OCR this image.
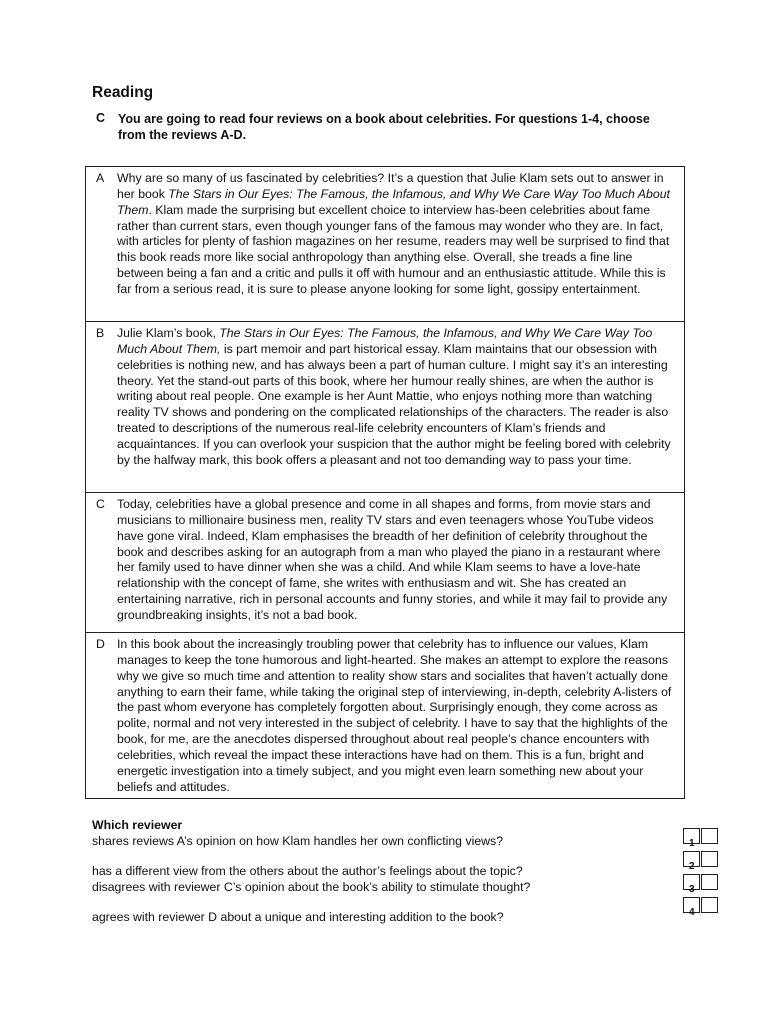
Reading
C You are going to read four reviews on a book about celebrities. For questions 1-4, choose from the reviews A-D.
A Why are so many of us fascinated by celebrities? It’s a question that Julie Klam sets out to answer in her book The Stars in Our Eyes: The Famous, the Infamous, and Why We Care Way Too Much About Them. Klam made the surprising but excellent choice to interview has-been celebrities about fame rather than current stars, even though younger fans of the famous may wonder who they are. In fact, with articles for plenty of fashion magazines on her resume, readers may well be surprised to find that this book reads more like social anthropology than anything else. Overall, she treads a fine line between being a fan and a critic and pulls it off with humour and an enthusiastic attitude. While this is far from a serious read, it is sure to please anyone looking for some light, gossipy entertainment.
B Julie Klam’s book, The Stars in Our Eyes: The Famous, the Infamous, and Why We Care Way Too Much About Them, is part memoir and part historical essay. Klam maintains that our obsession with celebrities is nothing new, and has always been a part of human culture. I might say it’s an interesting theory. Yet the stand-out parts of this book, where her humour really shines, are when the author is writing about real people. One example is her Aunt Mattie, who enjoys nothing more than watching reality TV shows and pondering on the complicated relationships of the characters. The reader is also treated to descriptions of the numerous real-life celebrity encounters of Klam’s friends and acquaintances. If you can overlook your suspicion that the author might be feeling bored with celebrity by the halfway mark, this book offers a pleasant and not too demanding way to pass your time.
C Today, celebrities have a global presence and come in all shapes and forms, from movie stars and musicians to millionaire business men, reality TV stars and even teenagers whose YouTube videos have gone viral. Indeed, Klam emphasises the breadth of her definition of celebrity throughout the book and describes asking for an autograph from a man who played the piano in a restaurant where her family used to have dinner when she was a child. And while Klam seems to have a love-hate relationship with the concept of fame, she writes with enthusiasm and wit. She has created an entertaining narrative, rich in personal accounts and funny stories, and while it may fail to provide any groundbreaking insights, it’s not a bad book.
D In this book about the increasingly troubling power that celebrity has to influence our values, Klam manages to keep the tone humorous and light-hearted. She makes an attempt to explore the reasons why we give so much time and attention to reality show stars and socialites that haven’t actually done anything to earn their fame, while taking the original step of interviewing, in-depth, celebrity A-listers of the past whom everyone has completely forgotten about. Surprisingly enough, they come across as polite, normal and not very interested in the subject of celebrity. I have to say that the highlights of the book, for me, are the anecdotes dispersed throughout about real people’s chance encounters with celebrities, which reveal the impact these interactions have had on them. This is a fun, bright and energetic investigation into a timely subject, and you might even learn something new about your beliefs and attitudes.
Which reviewer
shares reviews A’s opinion on how Klam handles her own conflicting views?
has a different view from the others about the author’s feelings about the topic?
disagrees with reviewer C’s opinion about the book’s ability to stimulate thought?
agrees with reviewer D about a unique and interesting addition to the book?
1
2
3
4
